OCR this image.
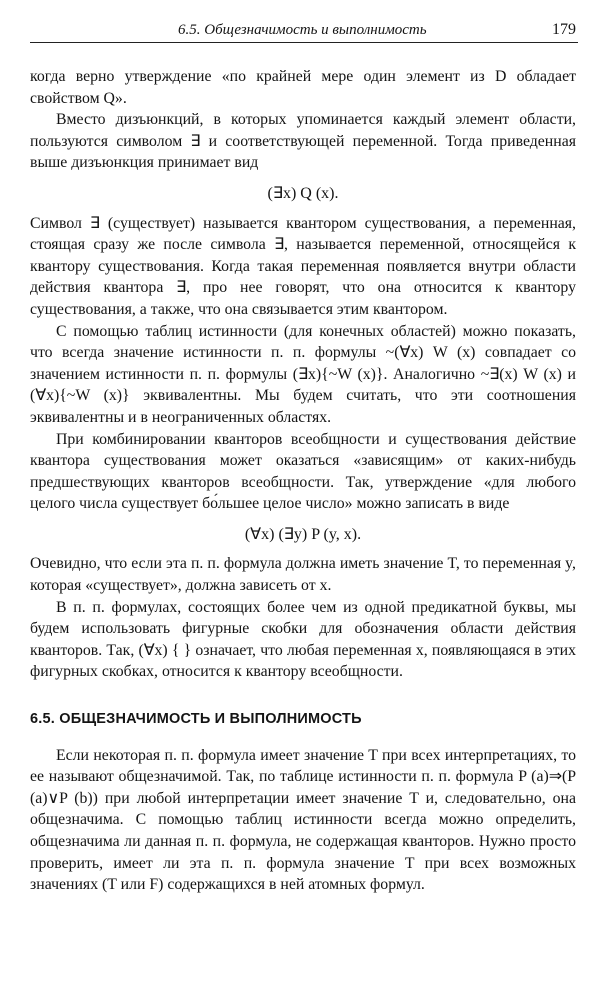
6.5. Общезначимость и выполнимость	179

когда верно утверждение «по крайней мере один элемент из D обладает свойством Q».

Вместо дизъюнкций, в которых упоминается каждый элемент области, пользуются символом ∃ и соответствующей переменной. Тогда приведенная выше дизъюнкция принимает вид

(∃x) Q (x).

Символ ∃ (существует) называется квантором существования, а переменная, стоящая сразу же после символа ∃, называется переменной, относящейся к квантору существования. Когда такая переменная появляется внутри области действия квантора ∃, про нее говорят, что она относится к квантору существования, а также, что она связывается этим квантором.

С помощью таблиц истинности (для конечных областей) можно показать, что всегда значение истинности п. п. формулы ~(∀x) W (x) совпадает со значением истинности п. п. формулы (∃x){~W (x)}. Аналогично ~∃(x) W (x) и (∀x){~W (x)} эквивалентны. Мы будем считать, что эти соотношения эквивалентны и в неограниченных областях.

При комбинировании кванторов всеобщности и существования действие квантора существования может оказаться «зависящим» от каких-нибудь предшествующих кванторов всеобщности. Так, утверждение «для любого целого числа существует бо́льшее целое число» можно записать в виде

(∀x) (∃y) P (y, x).

Очевидно, что если эта п. п. формула должна иметь значение T, то переменная y, которая «существует», должна зависеть от x.

В п. п. формулах, состоящих более чем из одной предикатной буквы, мы будем использовать фигурные скобки для обозначения области действия кванторов. Так, (∀x) { } означает, что любая переменная x, появляющаяся в этих фигурных скобках, относится к квантору всеобщности.

6.5. ОБЩЕЗНАЧИМОСТЬ И ВЫПОЛНИМОСТЬ

Если некоторая п. п. формула имеет значение T при всех интерпретациях, то ее называют общезначимой. Так, по таблице истинности п. п. формула P (a)⇒(P (a)∨P (b)) при любой интерпретации имеет значение T и, следовательно, она общезначима. С помощью таблиц истинности всегда можно определить, общезначима ли данная п. п. формула, не содержащая кванторов. Нужно просто проверить, имеет ли эта п. п. формула значение T при всех возможных значениях (T или F) содержащихся в ней атомных формул.
